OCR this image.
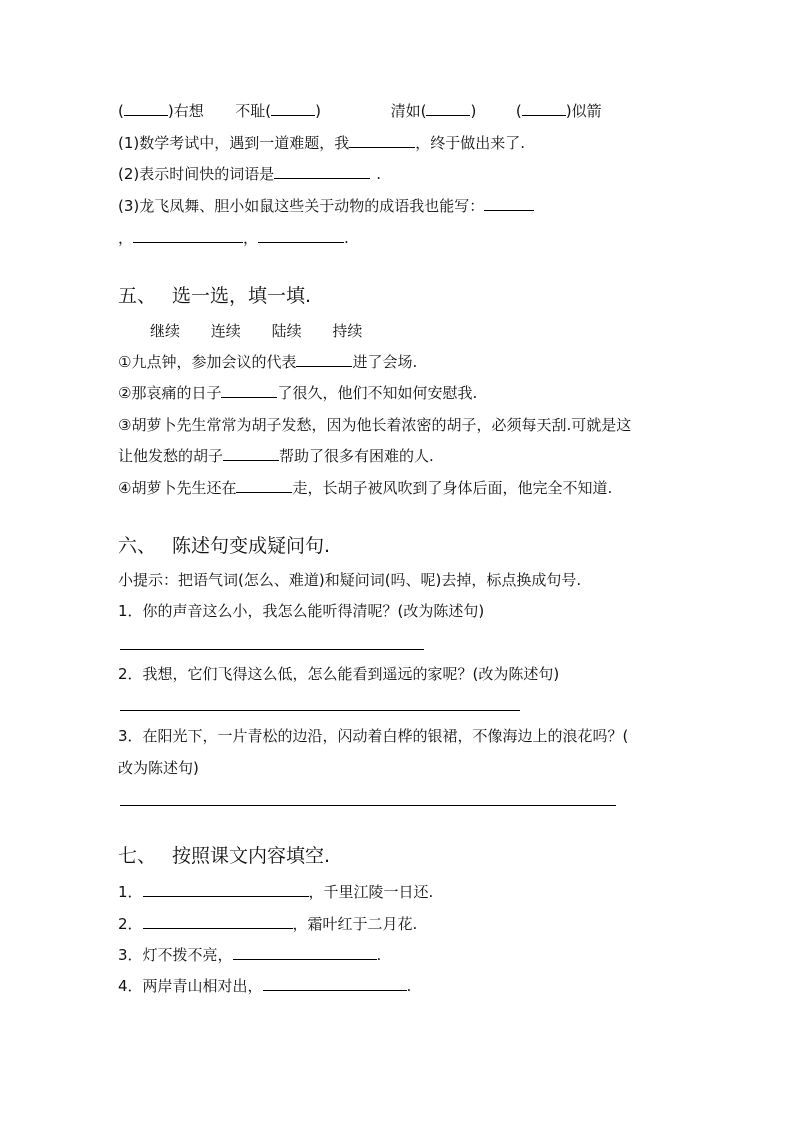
(	)右想 不耻(	)	清如(	)	(	)似箭
(1)数学考试中，遇到一道难题，我	，终于做出来了.
(2)表示时间快的词语是	.
(3)龙飞凤舞、胆小如鼠这些关于动物的成语我也能写：
，	，	.
五、 选一选，填一填.
继续 连续 陆续 持续
①九点钟，参加会议的代表	进了会场.
②那哀痛的日子	了很久，他们不知如何安慰我.
③胡萝卜先生常常为胡子发愁，因为他长着浓密的胡子，必须每天刮.可就是这
让他发愁的胡子	帮助了很多有困难的人.
④胡萝卜先生还在	走，长胡子被风吹到了身体后面，他完全不知道.
六、 陈述句变成疑问句.
小提示：把语气词(怎么、难道)和疑问词(吗、呢)去掉，标点换成句号.
1．你的声音这么小，我怎么能听得清呢？(改为陈述句)
2．我想，它们飞得这么低，怎么能看到遥远的家呢？(改为陈述句)
3．在阳光下，一片青松的边沿，闪动着白桦的银裙，不像海边上的浪花吗？(
改为陈述句)
七、 按照课文内容填空.
1．	，千里江陵一日还.
2．	，霜叶红于二月花.
3．灯不拨不亮，	.
4．两岸青山相对出，	.
